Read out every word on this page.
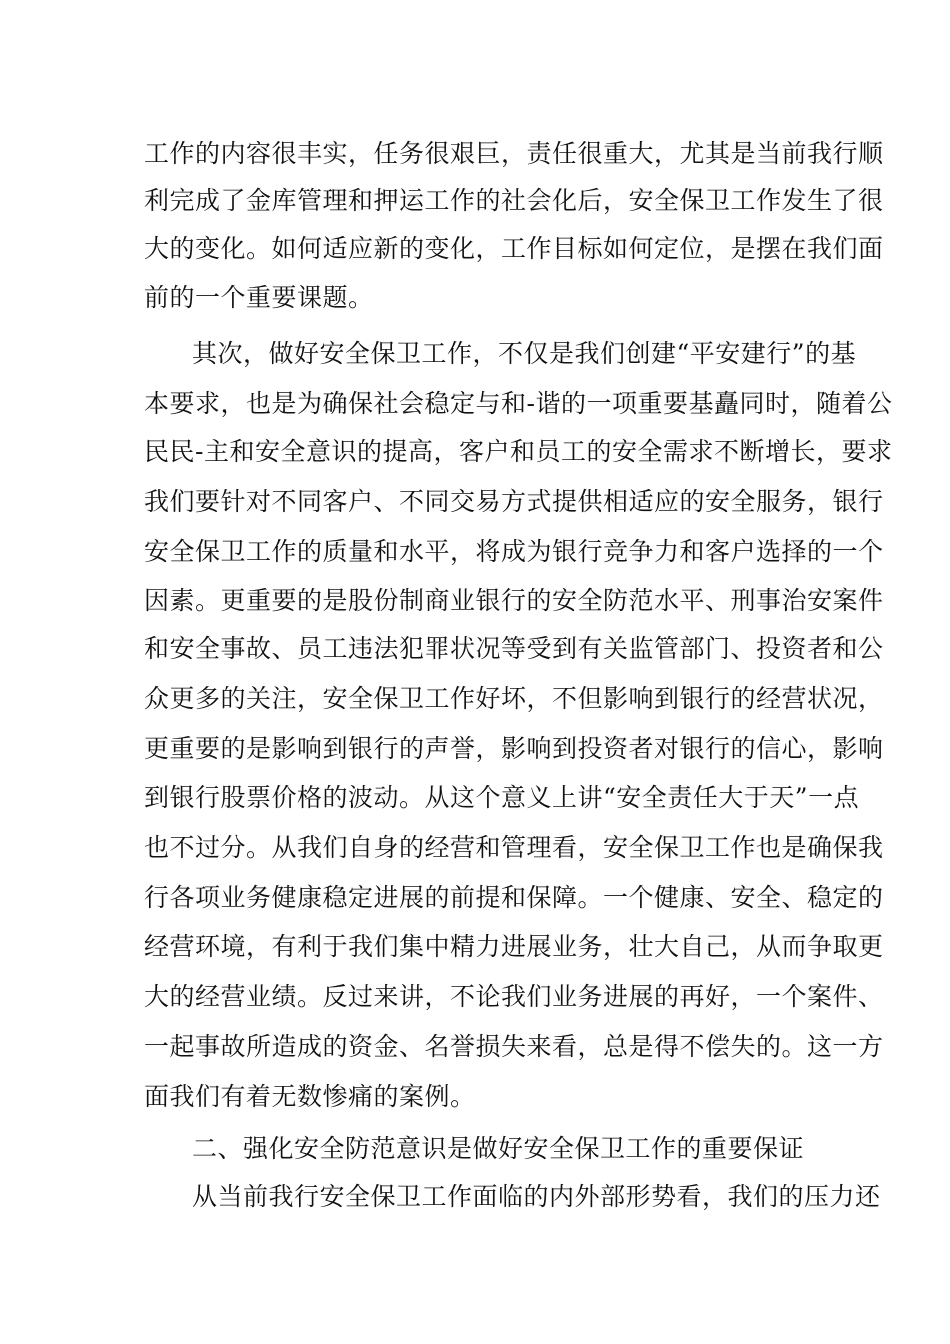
工作的内容很丰实，任务很艰巨，责任很重大，尤其是当前我行顺
利完成了金库管理和押运工作的社会化后，安全保卫工作发生了很
大的变化。如何适应新的变化，工作目标如何定位，是摆在我们面
前的一个重要课题。
其次，做好安全保卫工作，不仅是我们创建“平安建行”的基
本要求，也是为确保社会稳定与和-谐的一项重要基矗同时，随着公
民民-主和安全意识的提高，客户和员工的安全需求不断增长，要求
我们要针对不同客户、不同交易方式提供相适应的安全服务，银行
安全保卫工作的质量和水平，将成为银行竞争力和客户选择的一个
因素。更重要的是股份制商业银行的安全防范水平、刑事治安案件
和安全事故、员工违法犯罪状况等受到有关监管部门、投资者和公
众更多的关注，安全保卫工作好坏，不但影响到银行的经营状况，
更重要的是影响到银行的声誉，影响到投资者对银行的信心，影响
到银行股票价格的波动。从这个意义上讲“安全责任大于天”一点
也不过分。从我们自身的经营和管理看，安全保卫工作也是确保我
行各项业务健康稳定进展的前提和保障。一个健康、安全、稳定的
经营环境，有利于我们集中精力进展业务，壮大自己，从而争取更
大的经营业绩。反过来讲，不论我们业务进展的再好，一个案件、
一起事故所造成的资金、名誉损失来看，总是得不偿失的。这一方
面我们有着无数惨痛的案例。
二、强化安全防范意识是做好安全保卫工作的重要保证
从当前我行安全保卫工作面临的内外部形势看，我们的压力还
